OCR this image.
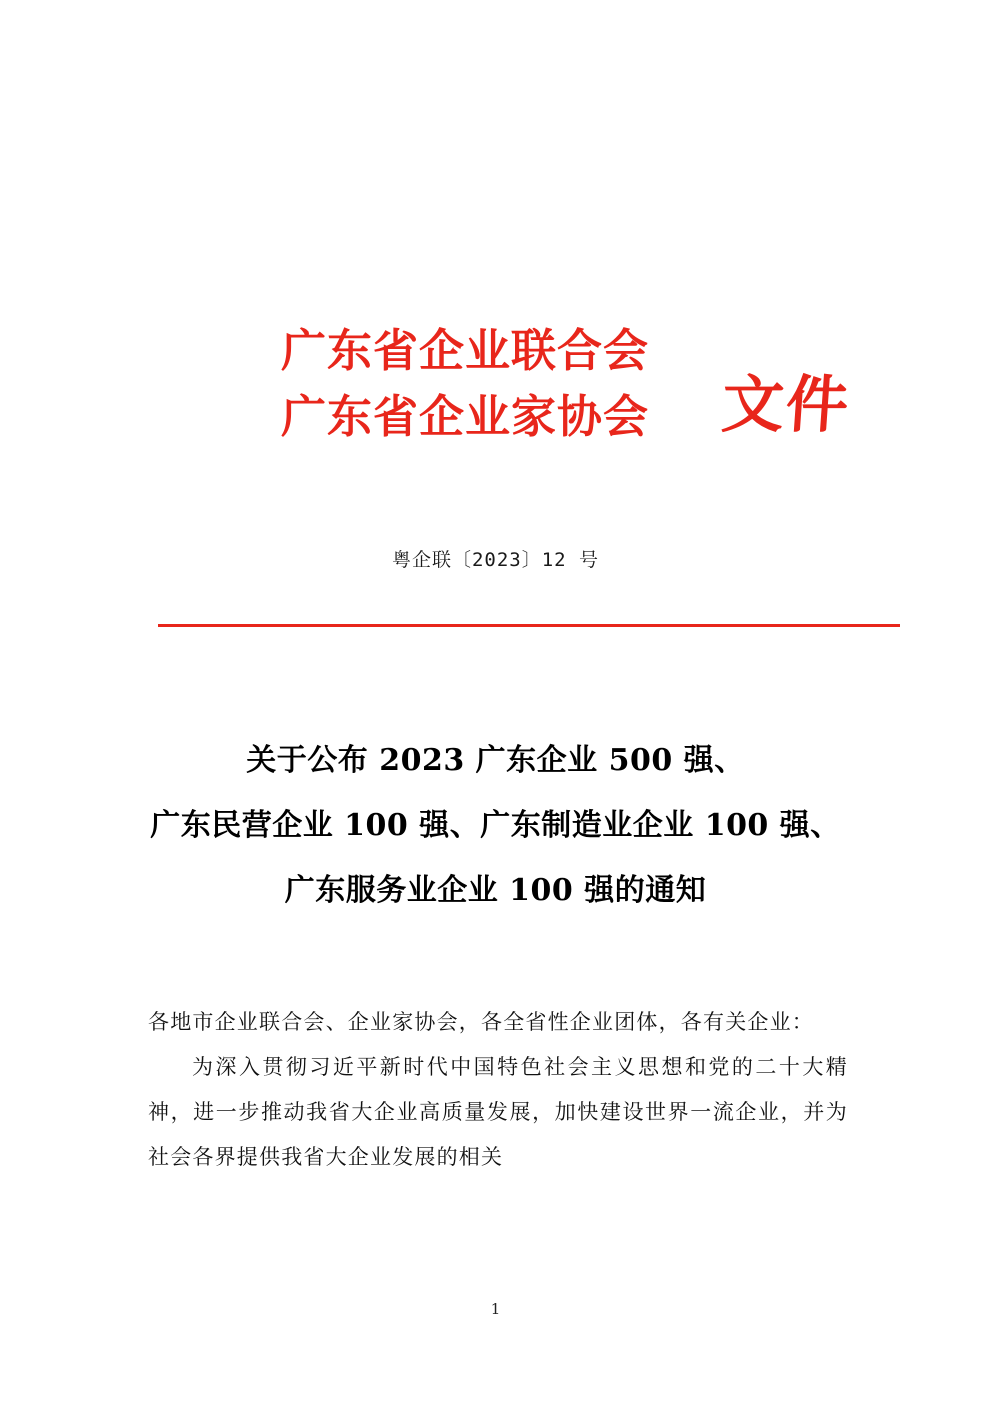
广东省企业联合会
广东省企业家协会	文件
粤企联〔2023〕12 号
关于公布 2023 广东企业 500 强、
广东民营企业 100 强、广东制造业企业 100 强、
广东服务业企业 100 强的通知

各地市企业联合会、企业家协会，各全省性企业团体，各有关企业：

为深入贯彻习近平新时代中国特色社会主义思想和党的二十大精神，进一步推动我省大企业高质量发展，加快建设世界一流企业，并为社会各界提供我省大企业发展的相关

1
